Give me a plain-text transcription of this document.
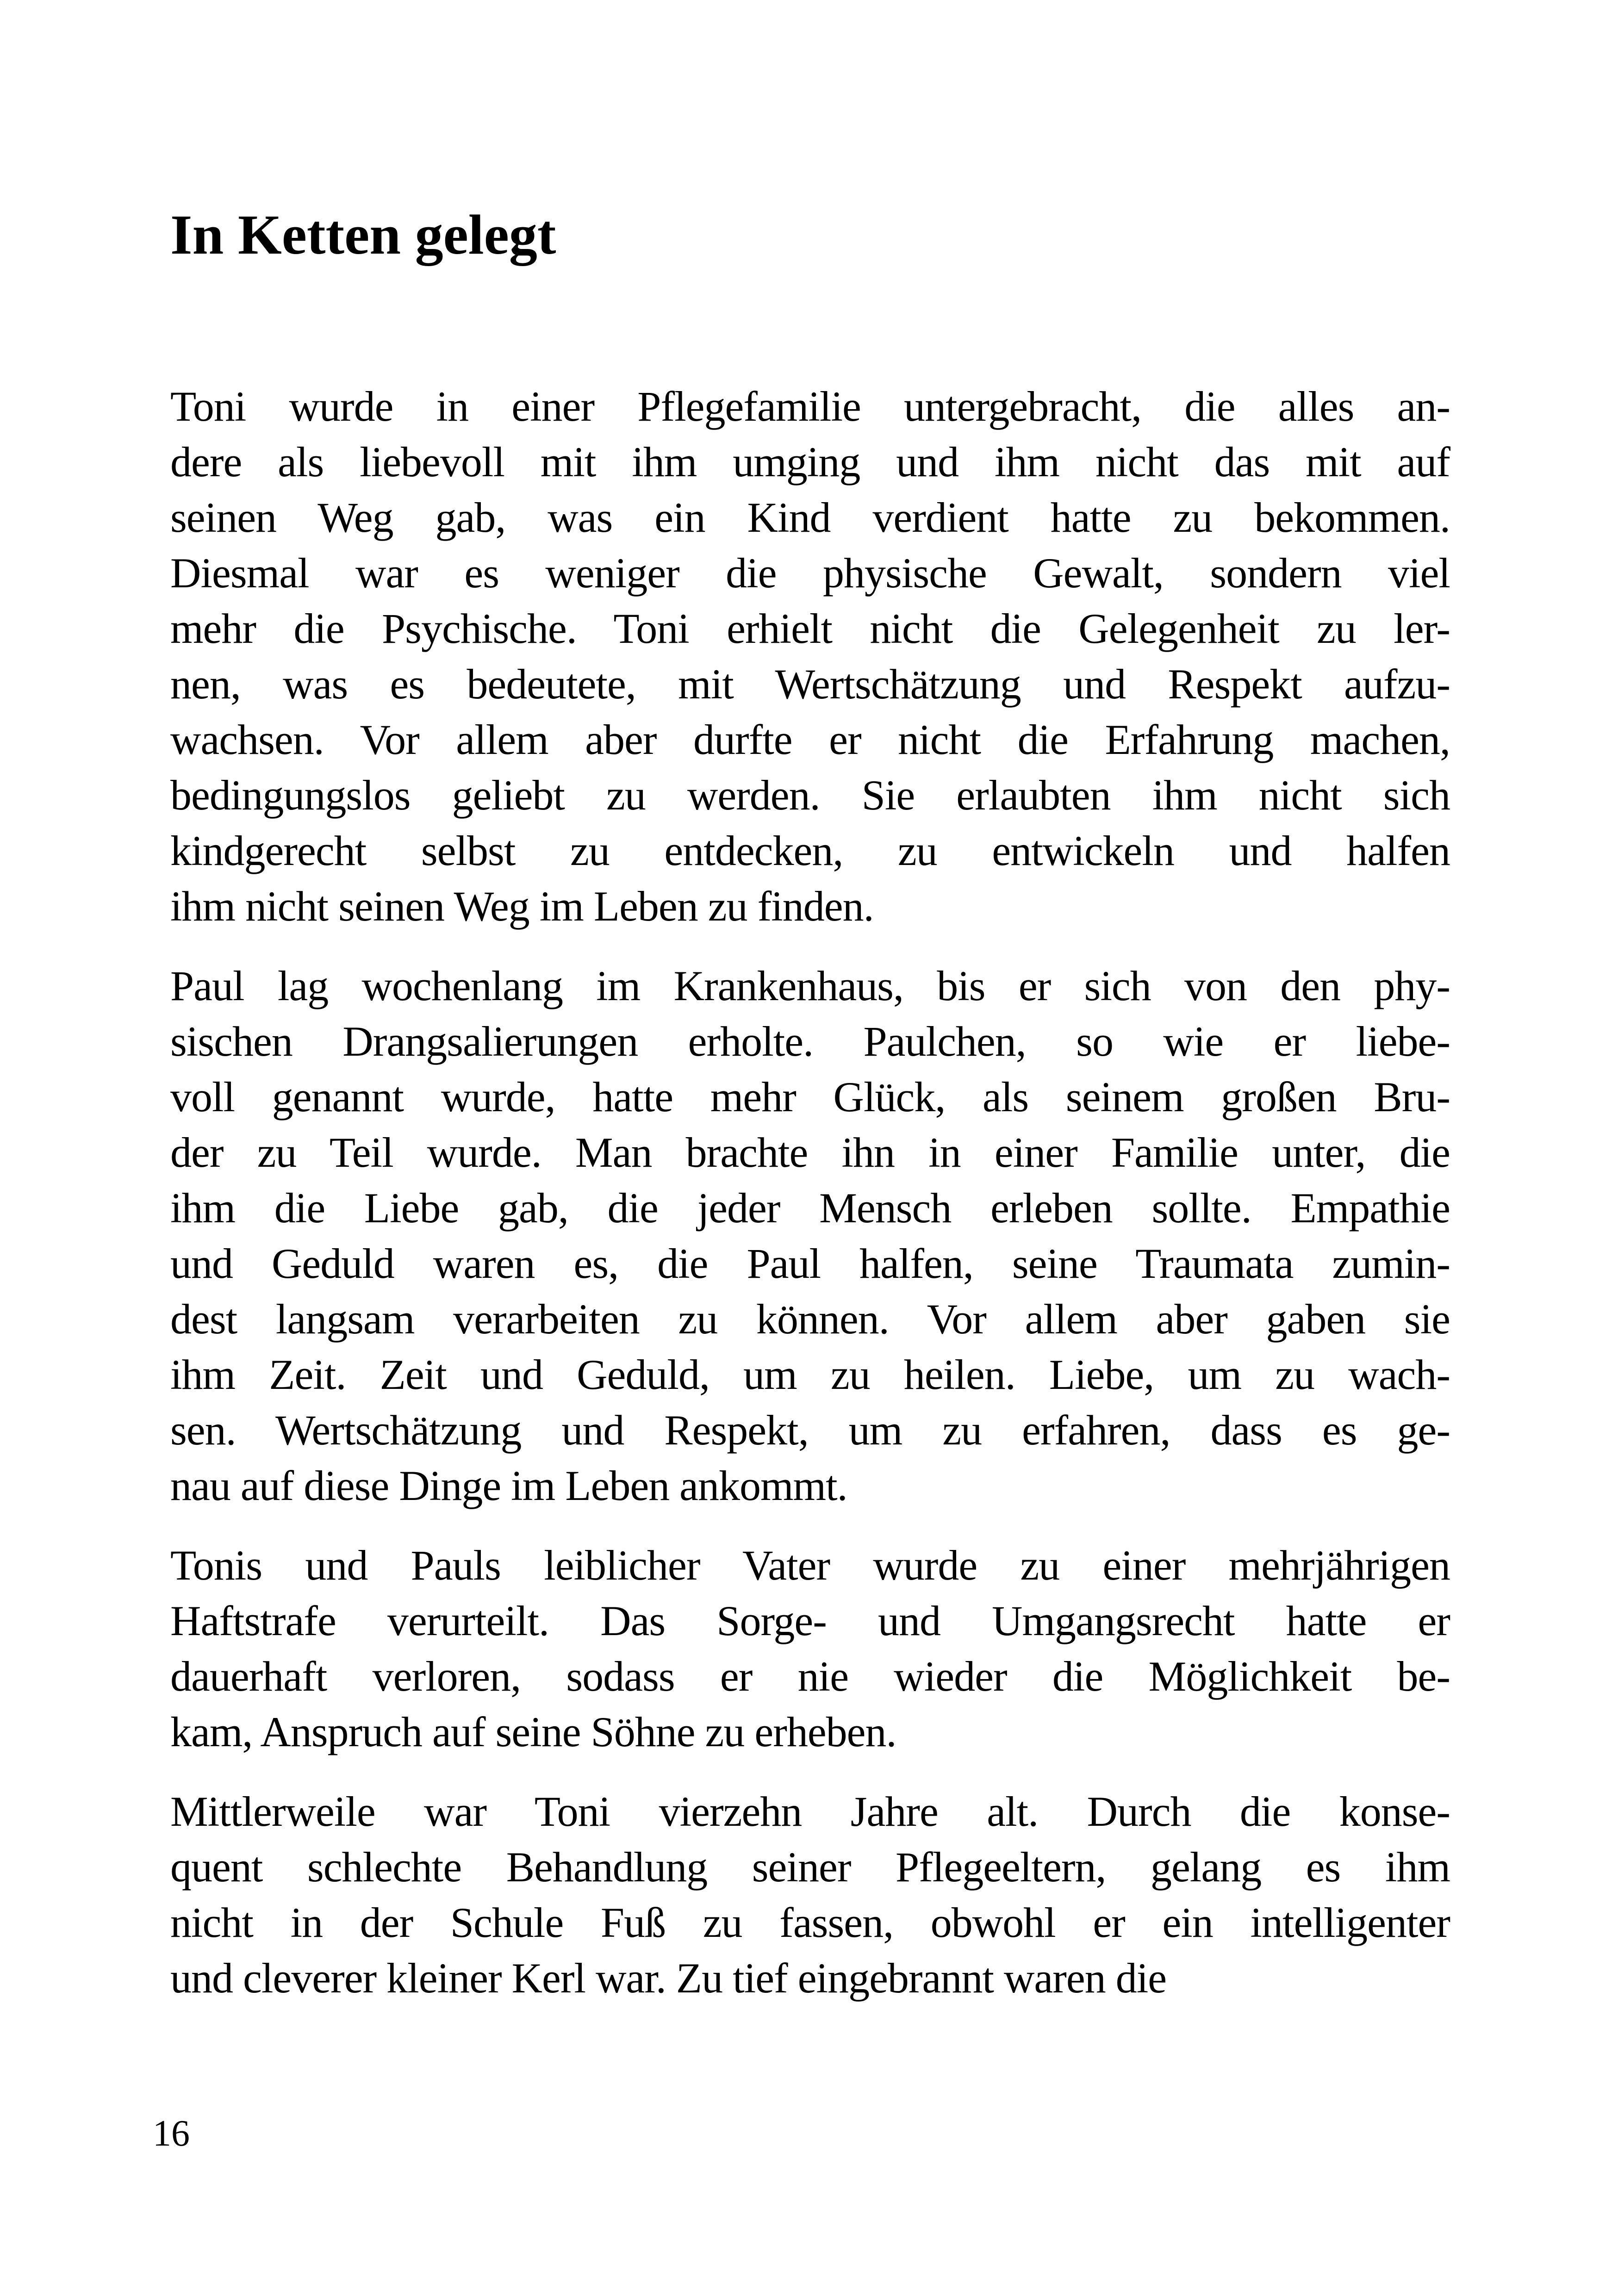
In Ketten gelegt

Toni wurde in einer Pflegefamilie untergebracht, die alles an-
dere als liebevoll mit ihm umging und ihm nicht das mit auf
seinen Weg gab, was ein Kind verdient hatte zu bekommen.
Diesmal war es weniger die physische Gewalt, sondern viel
mehr die Psychische. Toni erhielt nicht die Gelegenheit zu ler-
nen, was es bedeutete, mit Wertschätzung und Respekt aufzu-
wachsen. Vor allem aber durfte er nicht die Erfahrung machen,
bedingungslos geliebt zu werden. Sie erlaubten ihm nicht sich
kindgerecht selbst zu entdecken, zu entwickeln und halfen
ihm nicht seinen Weg im Leben zu finden.

Paul lag wochenlang im Krankenhaus, bis er sich von den phy-
sischen Drangsalierungen erholte. Paulchen, so wie er liebe-
voll genannt wurde, hatte mehr Glück, als seinem großen Bru-
der zu Teil wurde. Man brachte ihn in einer Familie unter, die
ihm die Liebe gab, die jeder Mensch erleben sollte. Empathie
und Geduld waren es, die Paul halfen, seine Traumata zumin-
dest langsam verarbeiten zu können. Vor allem aber gaben sie
ihm Zeit. Zeit und Geduld, um zu heilen. Liebe, um zu wach-
sen. Wertschätzung und Respekt, um zu erfahren, dass es ge-
nau auf diese Dinge im Leben ankommt.

Tonis und Pauls leiblicher Vater wurde zu einer mehrjährigen
Haftstrafe verurteilt. Das Sorge- und Umgangsrecht hatte er
dauerhaft verloren, sodass er nie wieder die Möglichkeit be-
kam, Anspruch auf seine Söhne zu erheben.

Mittlerweile war Toni vierzehn Jahre alt. Durch die konse-
quent schlechte Behandlung seiner Pflegeeltern, gelang es ihm
nicht in der Schule Fuß zu fassen, obwohl er ein intelligenter
und cleverer kleiner Kerl war. Zu tief eingebrannt waren die

16
